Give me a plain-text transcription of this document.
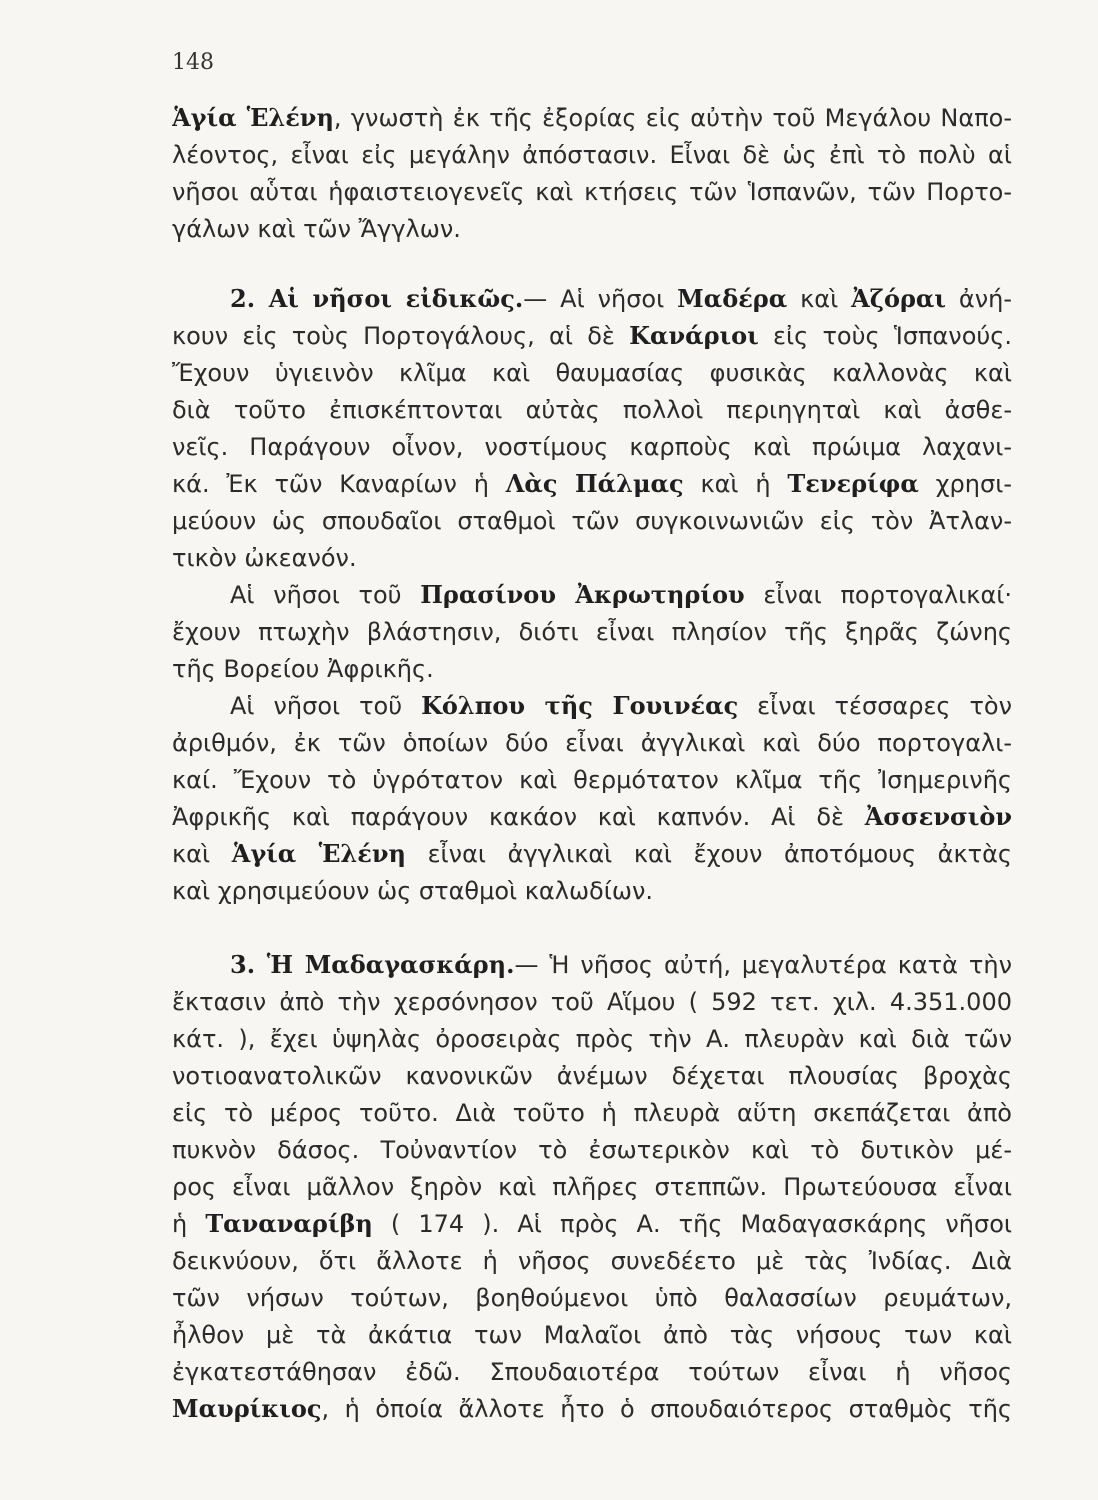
148
Ἁγία Ἑλένη, γνωστὴ ἐκ τῆς ἐξορίας εἰς αὐτὴν τοῦ Μεγάλου Ναπο-
λέοντος, εἶναι εἰς μεγάλην ἀπόστασιν. Εἶναι δὲ ὡς ἐπὶ τὸ πολὺ αἱ
νῆσοι αὗται ἡφαιστειογενεῖς καὶ κτήσεις τῶν Ἱσπανῶν, τῶν Πορτο-
γάλων καὶ τῶν Ἄγγλων.
2. Αἱ νῆσοι εἰδικῶς.— Αἱ νῆσοι Μαδέρα καὶ Ἀζόραι ἀνή-
κουν εἰς τοὺς Πορτογάλους, αἱ δὲ Κανάριοι εἰς τοὺς Ἱσπανούς.
Ἔχουν ὑγιεινὸν κλῖμα καὶ θαυμασίας φυσικὰς καλλονὰς καὶ
διὰ τοῦτο ἐπισκέπτονται αὐτὰς πολλοὶ περιηγηταὶ καὶ ἀσθε-
νεῖς. Παράγουν οἶνον, νοστίμους καρποὺς καὶ πρώιμα λαχανι-
κά. Ἐκ τῶν Καναρίων ἡ Λὰς Πάλμας καὶ ἡ Τενερίφα χρησι-
μεύουν ὡς σπουδαῖοι σταθμοὶ τῶν συγκοινωνιῶν εἰς τὸν Ἀτλαν-
τικὸν ὠκεανόν.
Αἱ νῆσοι τοῦ Πρασίνου Ἀκρωτηρίου εἶναι πορτογαλικαί·
ἔχουν πτωχὴν βλάστησιν, διότι εἶναι πλησίον τῆς ξηρᾶς ζώνης
τῆς Βορείου Ἀφρικῆς.
Αἱ νῆσοι τοῦ Κόλπου τῆς Γουινέας εἶναι τέσσαρες τὸν
ἀριθμόν, ἐκ τῶν ὁποίων δύο εἶναι ἀγγλικαὶ καὶ δύο πορτογαλι-
καί. Ἔχουν τὸ ὑγρότατον καὶ θερμότατον κλῖμα τῆς Ἰσημερινῆς
Ἀφρικῆς καὶ παράγουν κακάον καὶ καπνόν. Αἱ δὲ Ἀσσενσιὸν
καὶ Ἁγία Ἑλένη εἶναι ἀγγλικαὶ καὶ ἔχουν ἀποτόμους ἀκτὰς
καὶ χρησιμεύουν ὡς σταθμοὶ καλωδίων.
3. Ἡ Μαδαγασκάρη.— Ἡ νῆσος αὐτή, μεγαλυτέρα κατὰ τὴν
ἔκτασιν ἀπὸ τὴν χερσόνησον τοῦ Αἵμου ( 592 τετ. χιλ. 4.351.000
κάτ. ), ἔχει ὑψηλὰς ὀροσειρὰς πρὸς τὴν Α. πλευρὰν καὶ διὰ τῶν
νοτιοανατολικῶν κανονικῶν ἀνέμων δέχεται πλουσίας βροχὰς
εἰς τὸ μέρος τοῦτο. Διὰ τοῦτο ἡ πλευρὰ αὕτη σκεπάζεται ἀπὸ
πυκνὸν δάσος. Τοὐναντίον τὸ ἐσωτερικὸν καὶ τὸ δυτικὸν μέ-
ρος εἶναι μᾶλλον ξηρὸν καὶ πλῆρες στεππῶν. Πρωτεύουσα εἶναι
ἡ Ταναναρίβη ( 174 ). Αἱ πρὸς Α. τῆς Μαδαγασκάρης νῆσοι
δεικνύουν, ὅτι ἄλλοτε ἡ νῆσος συνεδέετο μὲ τὰς Ἰνδίας. Διὰ
τῶν νήσων τούτων, βοηθούμενοι ὑπὸ θαλασσίων ρευμάτων,
ἦλθον μὲ τὰ ἀκάτια των Μαλαῖοι ἀπὸ τὰς νήσους των καὶ
ἐγκατεστάθησαν ἐδῶ. Σπουδαιοτέρα τούτων εἶναι ἡ νῆσος
Μαυρίκιος, ἡ ὁποία ἄλλοτε ἦτο ὁ σπουδαιότερος σταθμὸς τῆς
